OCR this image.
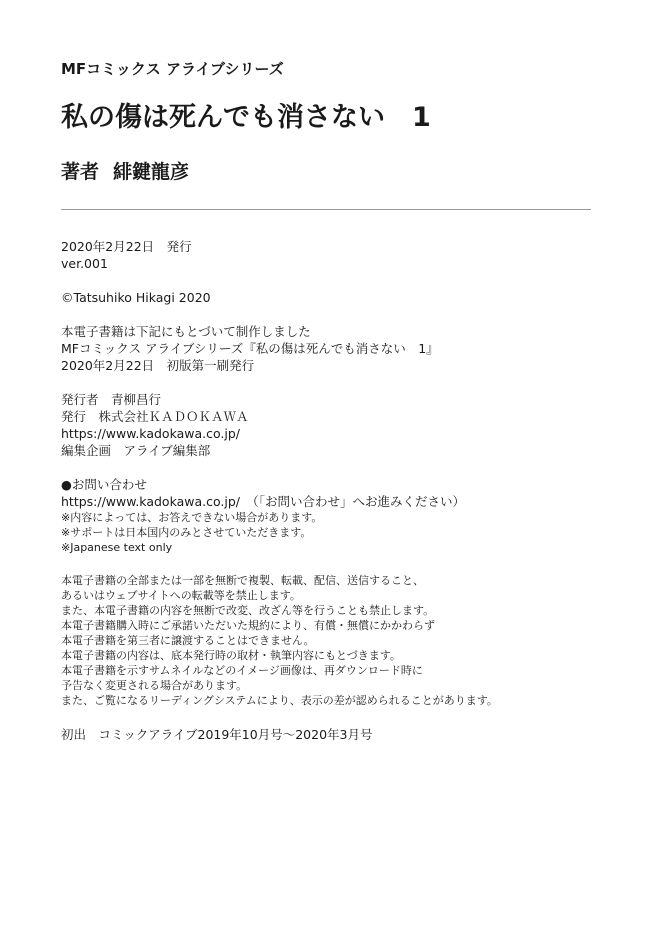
MFコミックス アライブシリーズ

私の傷は死んでも消さない　1

著者 緋鍵龍彦

2020年2月22日　発行

ver.001

©Tatsuhiko Hikagi 2020

本電子書籍は下記にもとづいて制作しました

MFコミックス アライブシリーズ『私の傷は死んでも消さない　1』

2020年2月22日　初版第一刷発行

発行者　青柳昌行

発行　株式会社ＫＡＤＯＫＡＷＡ

https://www.kadokawa.co.jp/

編集企画　アライブ編集部

●お問い合わせ

https://www.kadokawa.co.jp/　（「お問い合わせ」へお進みください）

※内容によっては、お答えできない場合があります。

※サポートは日本国内のみとさせていただきます。

※Japanese text only

本電子書籍の全部または一部を無断で複製、転載、配信、送信すること、

あるいはウェブサイトへの転載等を禁止します。

また、本電子書籍の内容を無断で改変、改ざん等を行うことも禁止します。

本電子書籍購入時にご承諾いただいた規約により、有償・無償にかかわらず

本電子書籍を第三者に譲渡することはできません。

本電子書籍の内容は、底本発行時の取材・執筆内容にもとづきます。

本電子書籍を示すサムネイルなどのイメージ画像は、再ダウンロード時に

予告なく変更される場合があります。

また、ご覧になるリーディングシステムにより、表示の差が認められることがあります。

初出　コミックアライブ2019年10月号～2020年3月号
